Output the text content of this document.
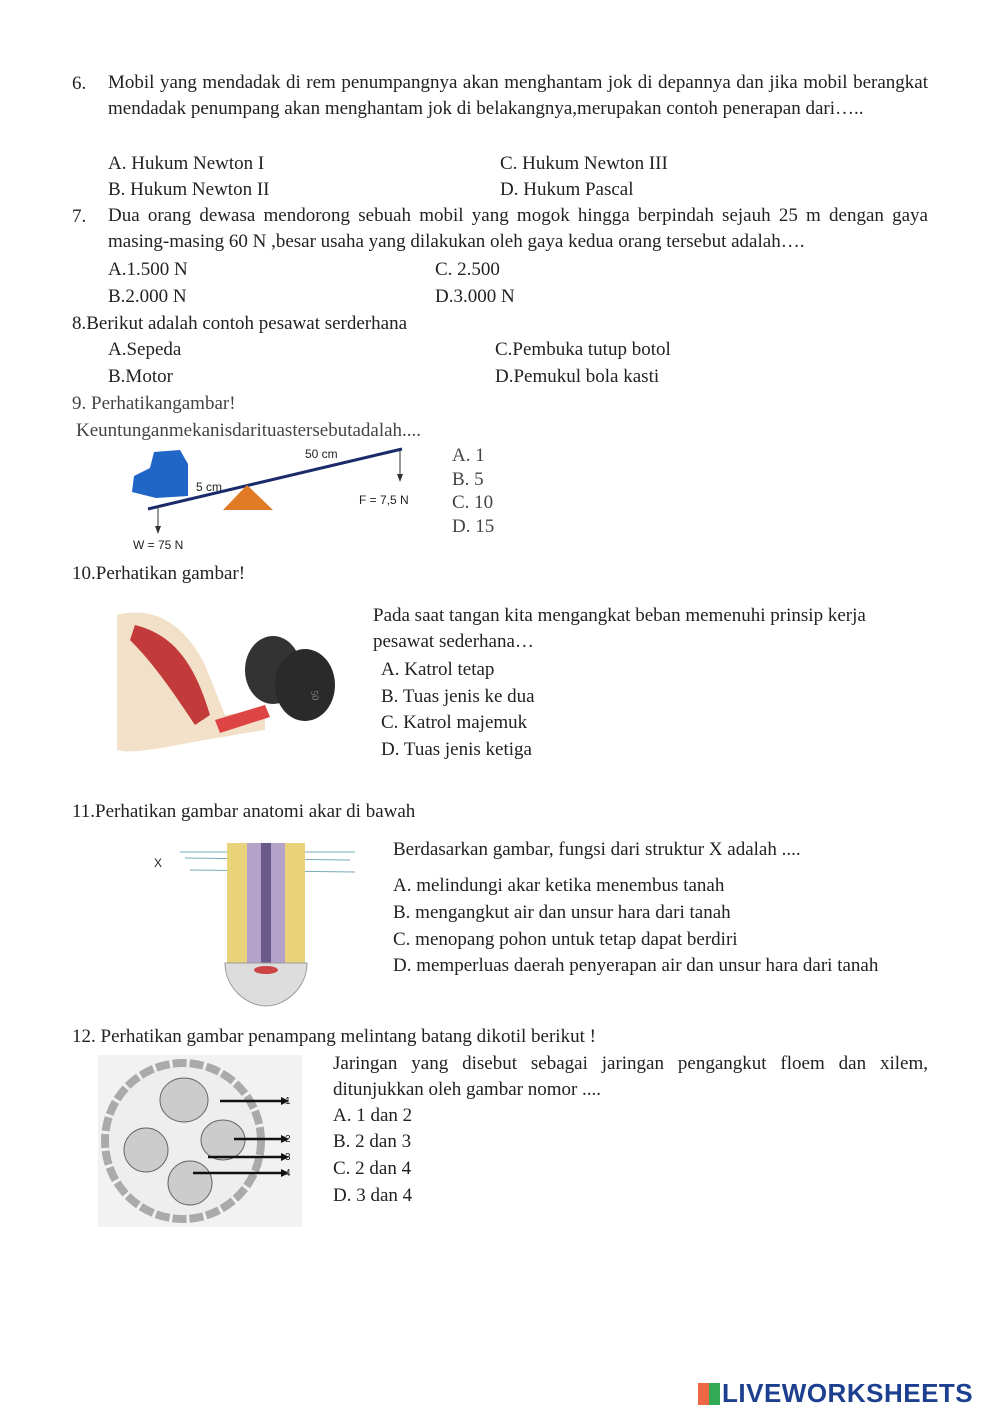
6. Mobil yang mendadak di rem penumpangnya akan menghantam jok di depannya dan jika mobil berangkat mendadak penumpang akan menghantam jok di belakangnya,merupakan contoh penerapan dari…..
A. Hukum Newton I	C. Hukum Newton III
B. Hukum Newton II	D. Hukum Pascal
7. Dua orang dewasa mendorong sebuah mobil yang mogok hingga berpindah sejauh 25 m dengan gaya masing-masing 60 N ,besar usaha yang dilakukan oleh gaya kedua orang tersebut adalah….
A.1.500 N	C. 2.500
B.2.000 N	D.3.000 N
8.Berikut adalah contoh pesawat serderhana
A.Sepeda	C.Pembuka tutup botol
B.Motor	D.Pemukul bola kasti
9. Perhatikangambar!
Keuntunganmekanisdarituastersebutadalah....
50 cm
5 cm
F = 7,5 N
W = 75 N
A. 1
B. 5
C. 10
D. 15
10.Perhatikan gambar!
50
Pada saat tangan kita mengangkat beban memenuhi prinsip kerja pesawat sederhana…
A. Katrol tetap
B. Tuas jenis ke dua
C. Katrol majemuk
D. Tuas jenis ketiga
11.Perhatikan gambar anatomi akar di bawah
X
Berdasarkan gambar, fungsi dari struktur X adalah ....
A. melindungi akar ketika menembus tanah
B. mengangkut air dan unsur hara dari tanah
C. menopang pohon untuk tetap dapat berdiri
D. memperluas daerah penyerapan air dan unsur hara dari tanah
12. Perhatikan gambar penampang melintang batang dikotil berikut !
1
2
3
4
Jaringan yang disebut sebagai jaringan pengangkut floem dan xilem, ditunjukkan oleh gambar nomor ....
A. 1 dan 2
B. 2 dan 3
C. 2 dan 4
D. 3 dan 4
LIVEWORKSHEETS
